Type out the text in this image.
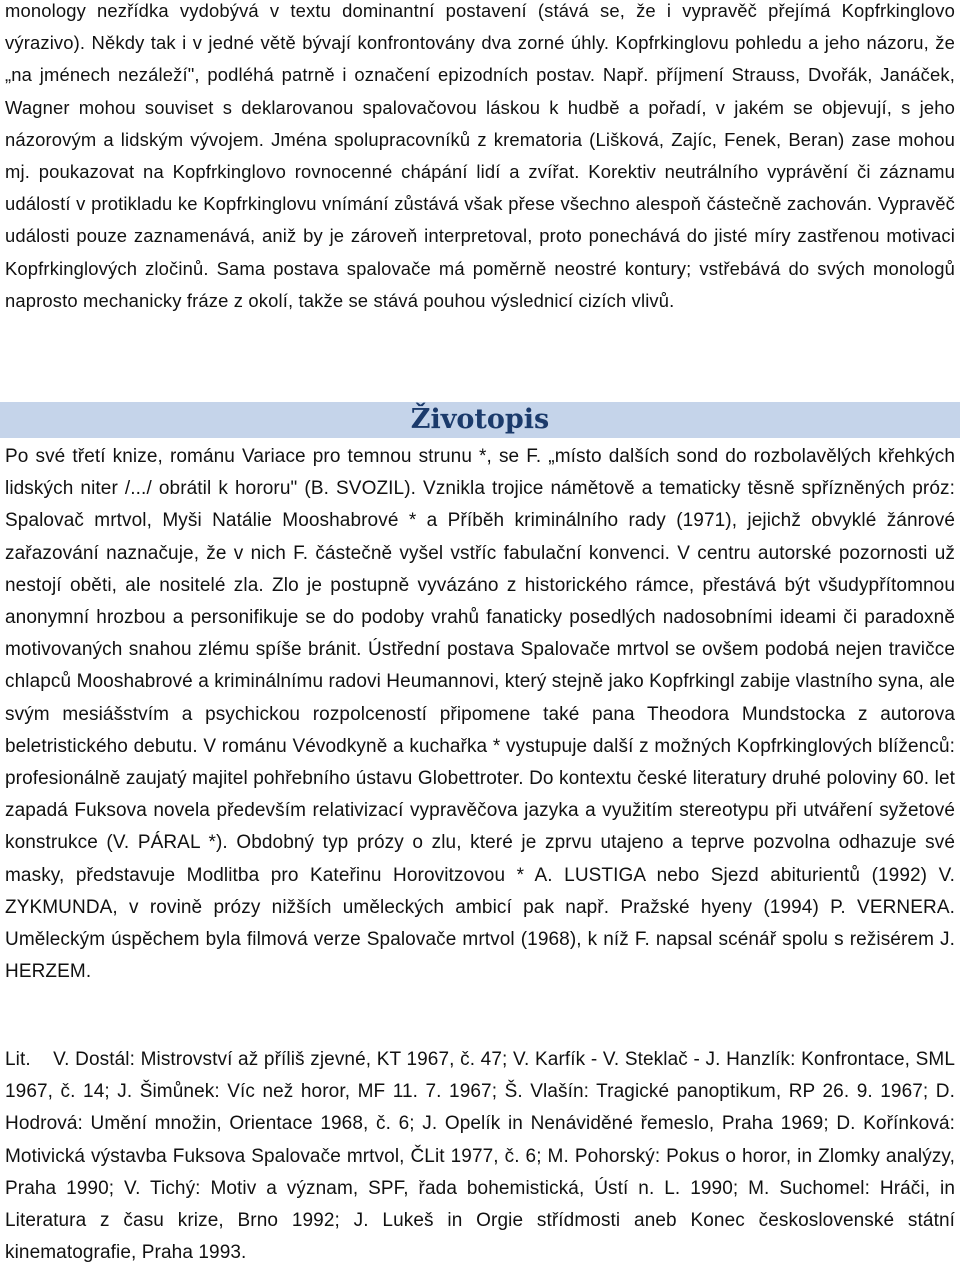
monology nezřídka vydobývá v textu dominantní postavení (stává se, že i vypravěč přejímá Kopfrkinglovo výrazivo). Někdy tak i v jedné větě bývají konfrontovány dva zorné úhly. Kopfrkinglovu pohledu a jeho názoru, že „na jménech nezáleží", podléhá patrně i označení epizodních postav. Např. příjmení Strauss, Dvořák, Janáček, Wagner mohou souviset s deklarovanou spalovačovou láskou k hudbě a pořadí, v jakém se objevují, s jeho názorovým a lidským vývojem. Jména spolupracovníků z krematoria (Lišková, Zajíc, Fenek, Beran) zase mohou mj. poukazovat na Kopfrkinglovo rovnocenné chápání lidí a zvířat. Korektiv neutrálního vyprávění či záznamu událostí v protikladu ke Kopfrkinglovu vnímání zůstává však přese všechno alespoň částečně zachován. Vypravěč události pouze zaznamenává, aniž by je zároveň interpretoval, proto ponechává do jisté míry zastřenou motivaci Kopfrkinglových zločinů. Sama postava spalovače má poměrně neostré kontury; vstřebává do svých monologů naprosto mechanicky fráze z okolí, takže se stává pouhou výslednicí cizích vlivů.

Životopis

Po své třetí knize, románu Variace pro temnou strunu *, se F. „místo dalších sond do rozbolavělých křehkých lidských niter /.../ obrátil k hororu" (B. SVOZIL). Vznikla trojice námětově a tematicky těsně spřízněných próz: Spalovač mrtvol, Myši Natálie Mooshabrové * a Příběh kriminálního rady (1971), jejichž obvyklé žánrové zařazování naznačuje, že v nich F. částečně vyšel vstříc fabulační konvenci. V centru autorské pozornosti už nestojí oběti, ale nositelé zla. Zlo je postupně vyvázáno z historického rámce, přestává být všudypřítomnou anonymní hrozbou a personifikuje se do podoby vrahů fanaticky posedlých nadosobními ideami či paradoxně motivovaných snahou zlému spíše bránit. Ústřední postava Spalovače mrtvol se ovšem podobá nejen travičce chlapců Mooshabrové a kriminálnímu radovi Heumannovi, který stejně jako Kopfrkingl zabije vlastního syna, ale svým mesiášstvím a psychickou rozpolceností připomene také pana Theodora Mundstocka z autorova beletristického debutu. V románu Vévodkyně a kuchařka * vystupuje další z možných Kopfrkinglových blíženců: profesionálně zaujatý majitel pohřebního ústavu Globettroter. Do kontextu české literatury druhé poloviny 60. let zapadá Fuksova novela především relativizací vypravěčova jazyka a využitím stereotypu při utváření syžetové konstrukce (V. PÁRAL *). Obdobný typ prózy o zlu, které je zprvu utajeno a teprve pozvolna odhazuje své masky, představuje Modlitba pro Kateřinu Horovitzovou * A. LUSTIGA nebo Sjezd abiturientů (1992) V. ZYKMUNDA, v rovině prózy nižších uměleckých ambicí pak např. Pražské hyeny (1994) P. VERNERA. Uměleckým úspěchem byla filmová verze Spalovače mrtvol (1968), k níž F. napsal scénář spolu s režisérem J. HERZEM.

Lit.    V. Dostál: Mistrovství až příliš zjevné, KT 1967, č. 47; V. Karfík - V. Steklač - J. Hanzlík: Konfrontace, SML 1967, č. 14; J. Šimůnek: Víc než horor, MF 11. 7. 1967; Š. Vlašín: Tragické panoptikum, RP 26. 9. 1967; D. Hodrová: Umění množin, Orientace 1968, č. 6; J. Opelík in Nenáviděné řemeslo, Praha 1969; D. Kořínková: Motivická výstavba Fuksova Spalovače mrtvol, ČLit 1977, č. 6; M. Pohorský: Pokus o horor, in Zlomky analýzy, Praha 1990; V. Tichý: Motiv a význam, SPF, řada bohemistická, Ústí n. L. 1990; M. Suchomel: Hráči, in Literatura z času krize, Brno 1992; J. Lukeš in Orgie střídmosti aneb Konec československé státní kinematografie, Praha 1993.
